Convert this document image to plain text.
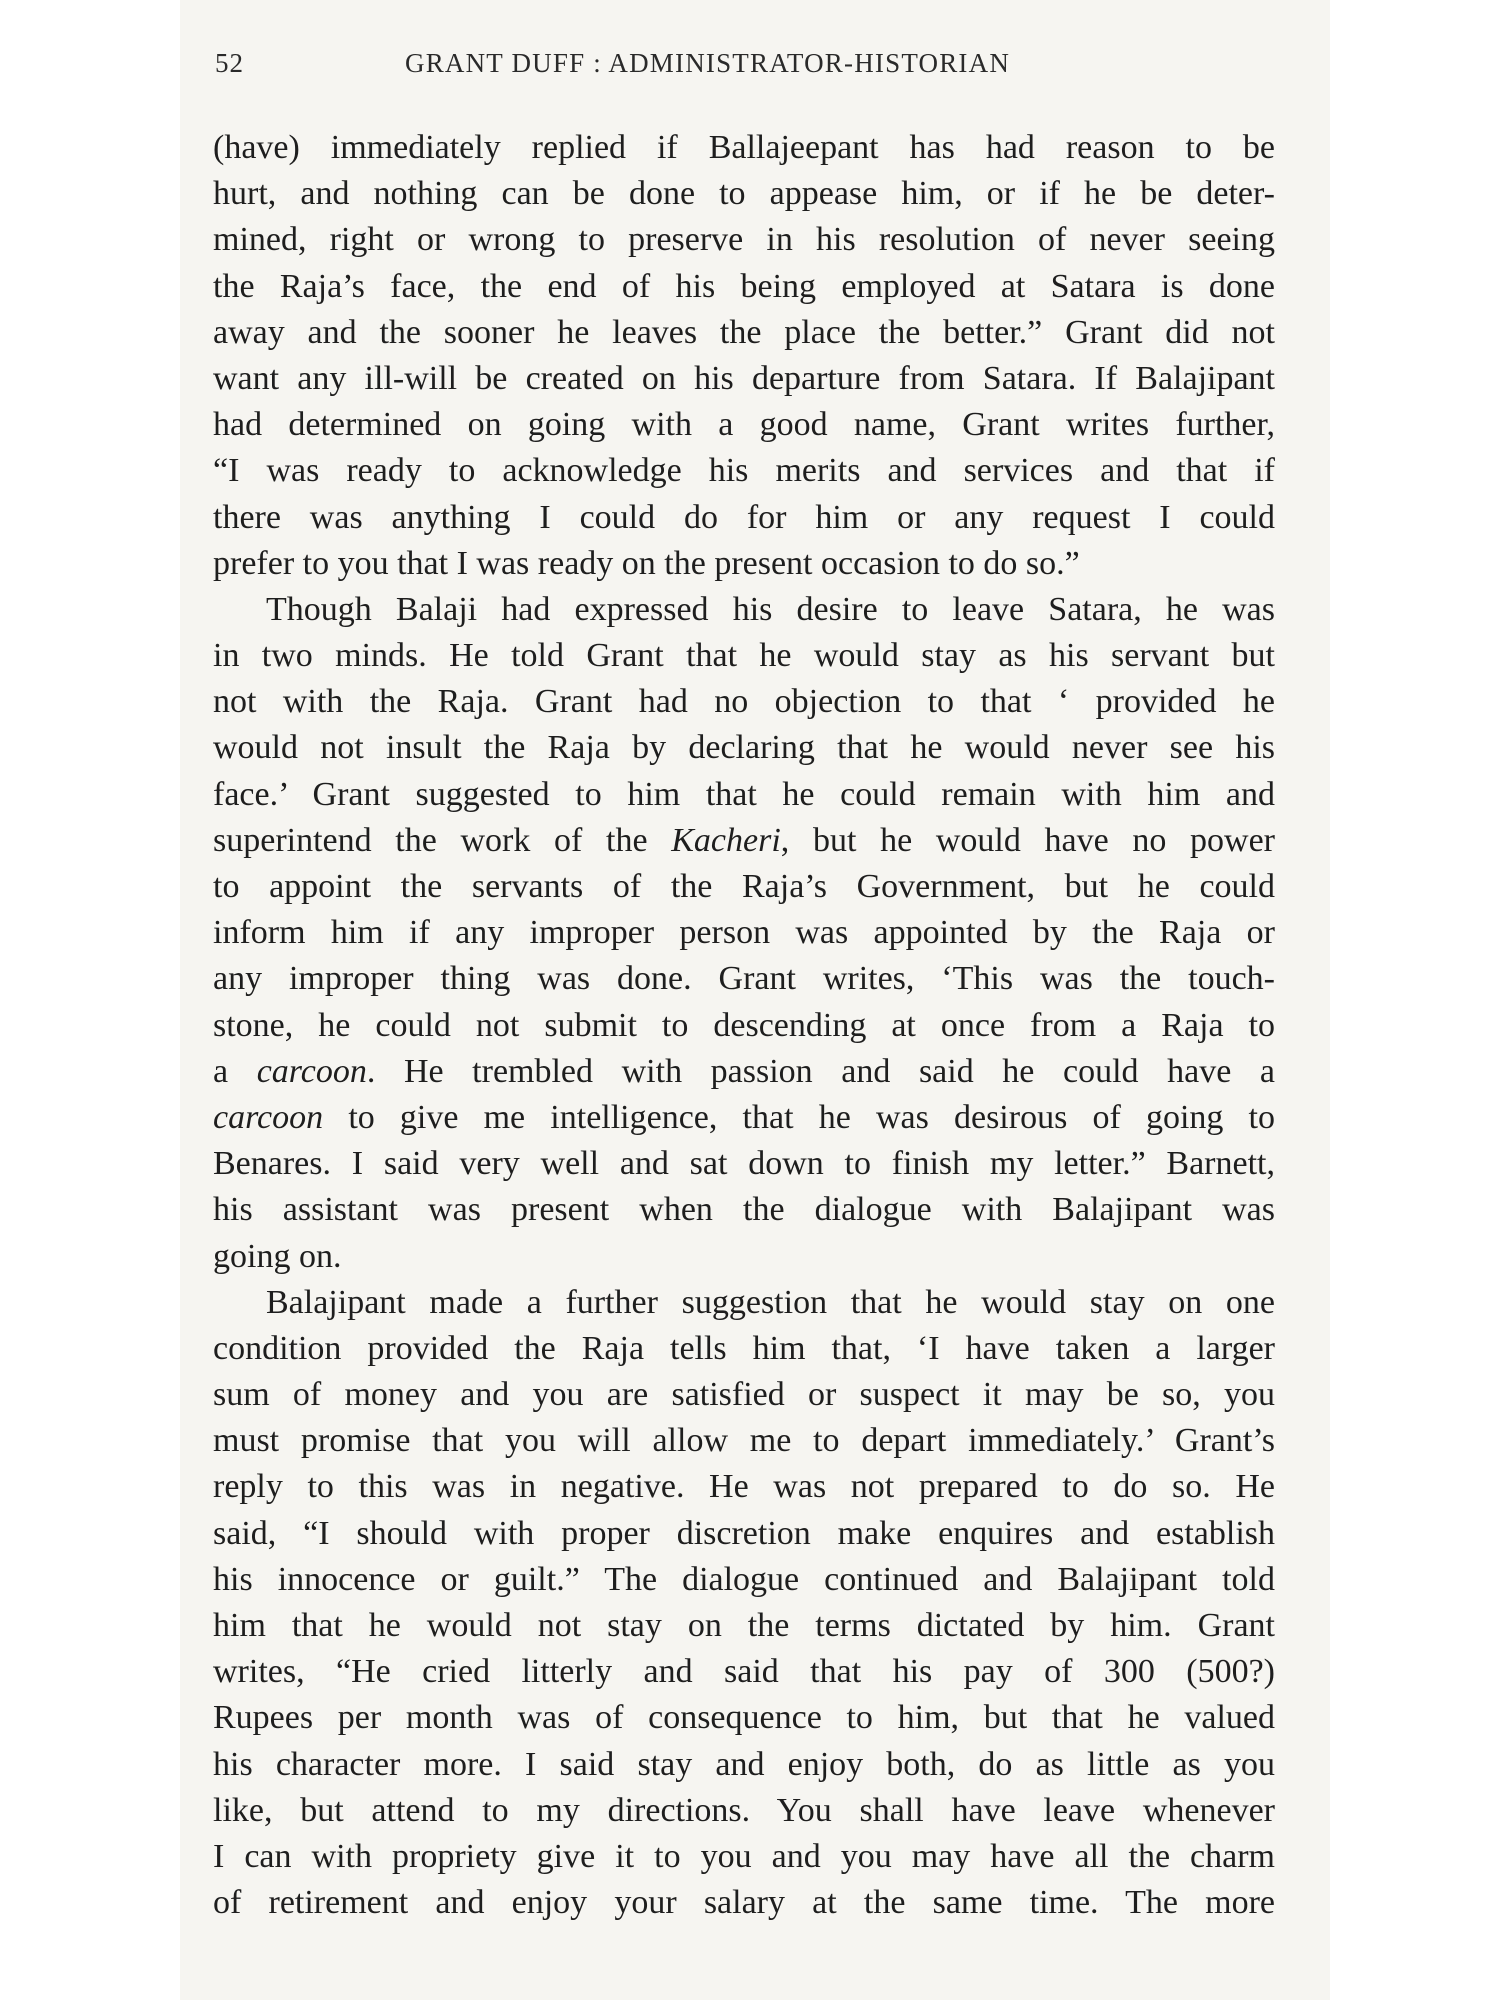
52	GRANT DUFF : ADMINISTRATOR-HISTORIAN
(have) immediately replied if Ballajeepant has had reason to be
hurt, and nothing can be done to appease him, or if he be deter-
mined, right or wrong to preserve in his resolution of never seeing
the Raja’s face, the end of his being employed at Satara is done
away and the sooner he leaves the place the better.” Grant did not
want any ill-will be created on his departure from Satara. If Balajipant
had determined on going with a good name, Grant writes further,
“I was ready to acknowledge his merits and services and that if
there was anything I could do for him or any request I could
prefer to you that I was ready on the present occasion to do so.”
Though Balaji had expressed his desire to leave Satara, he was
in two minds. He told Grant that he would stay as his servant but
not with the Raja. Grant had no objection to that ‘ provided he
would not insult the Raja by declaring that he would never see his
face.’ Grant suggested to him that he could remain with him and
superintend the work of the Kacheri, but he would have no power
to appoint the servants of the Raja’s Government, but he could
inform him if any improper person was appointed by the Raja or
any improper thing was done. Grant writes, ‘This was the touch-
stone, he could not submit to descending at once from a Raja to
a carcoon. He trembled with passion and said he could have a
carcoon to give me intelligence, that he was desirous of going to
Benares. I said very well and sat down to finish my letter.” Barnett,
his assistant was present when the dialogue with Balajipant was
going on.
Balajipant made a further suggestion that he would stay on one
condition provided the Raja tells him that, ‘I have taken a larger
sum of money and you are satisfied or suspect it may be so, you
must promise that you will allow me to depart immediately.’ Grant’s
reply to this was in negative. He was not prepared to do so. He
said, “I should with proper discretion make enquires and establish
his innocence or guilt.” The dialogue continued and Balajipant told
him that he would not stay on the terms dictated by him. Grant
writes, “He cried litterly and said that his pay of 300 (500?)
Rupees per month was of consequence to him, but that he valued
his character more. I said stay and enjoy both, do as little as you
like, but attend to my directions. You shall have leave whenever
I can with propriety give it to you and you may have all the charm
of retirement and enjoy your salary at the same time. The more
